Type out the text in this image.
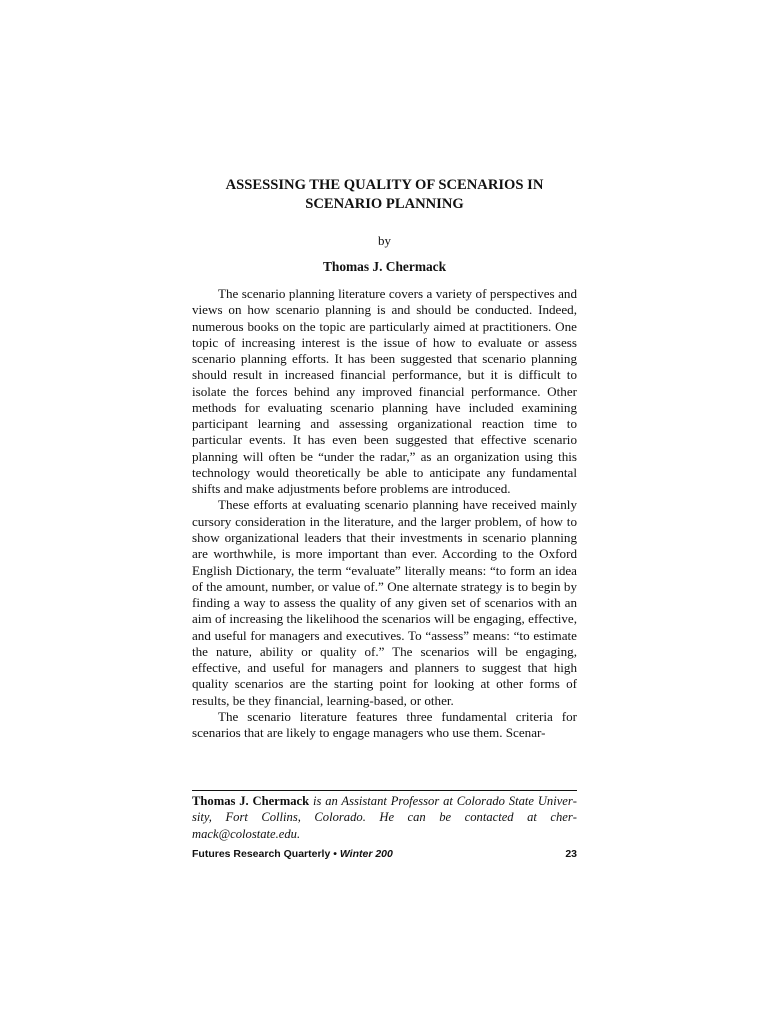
ASSESSING THE QUALITY OF SCENARIOS IN
SCENARIO PLANNING
by
Thomas J. Chermack

The scenario planning literature covers a variety of perspectives and views on how scenario planning is and should be conducted. Indeed, numerous books on the topic are particularly aimed at practitioners. One topic of increasing interest is the issue of how to evaluate or assess scenario planning efforts. It has been suggested that scenario planning should result in increased financial performance, but it is difficult to isolate the forces behind any improved financial performance. Other methods for evaluating scenario planning have included examining participant learning and assessing organizational reaction time to particular events. It has even been suggested that effective scenario planning will often be “under the radar,” as an organization using this technology would theoretically be able to anticipate any fundamental shifts and make adjustments before problems are introduced.

These efforts at evaluating scenario planning have received mainly cursory consideration in the literature, and the larger problem, of how to show organizational leaders that their investments in scenario planning are worthwhile, is more important than ever. According to the Oxford English Dictionary, the term “evaluate” literally means: “to form an idea of the amount, number, or value of.” One alternate strategy is to begin by finding a way to assess the quality of any given set of scenarios with an aim of increasing the likelihood the scenarios will be engaging, effective, and useful for managers and executives. To “assess” means: “to estimate the nature, ability or quality of.” The scenarios will be engaging, effective, and useful for managers and planners to suggest that high quality scenarios are the starting point for looking at other forms of results, be they financial, learning-based, or other.

The scenario literature features three fundamental criteria for scenarios that are likely to engage managers who use them. Scenar-

Thomas J. Chermack is an Assistant Professor at Colorado State University, Fort Collins, Colorado. He can be contacted at chermack@colostate.edu.
Futures Research Quarterly • Winter 200	23
